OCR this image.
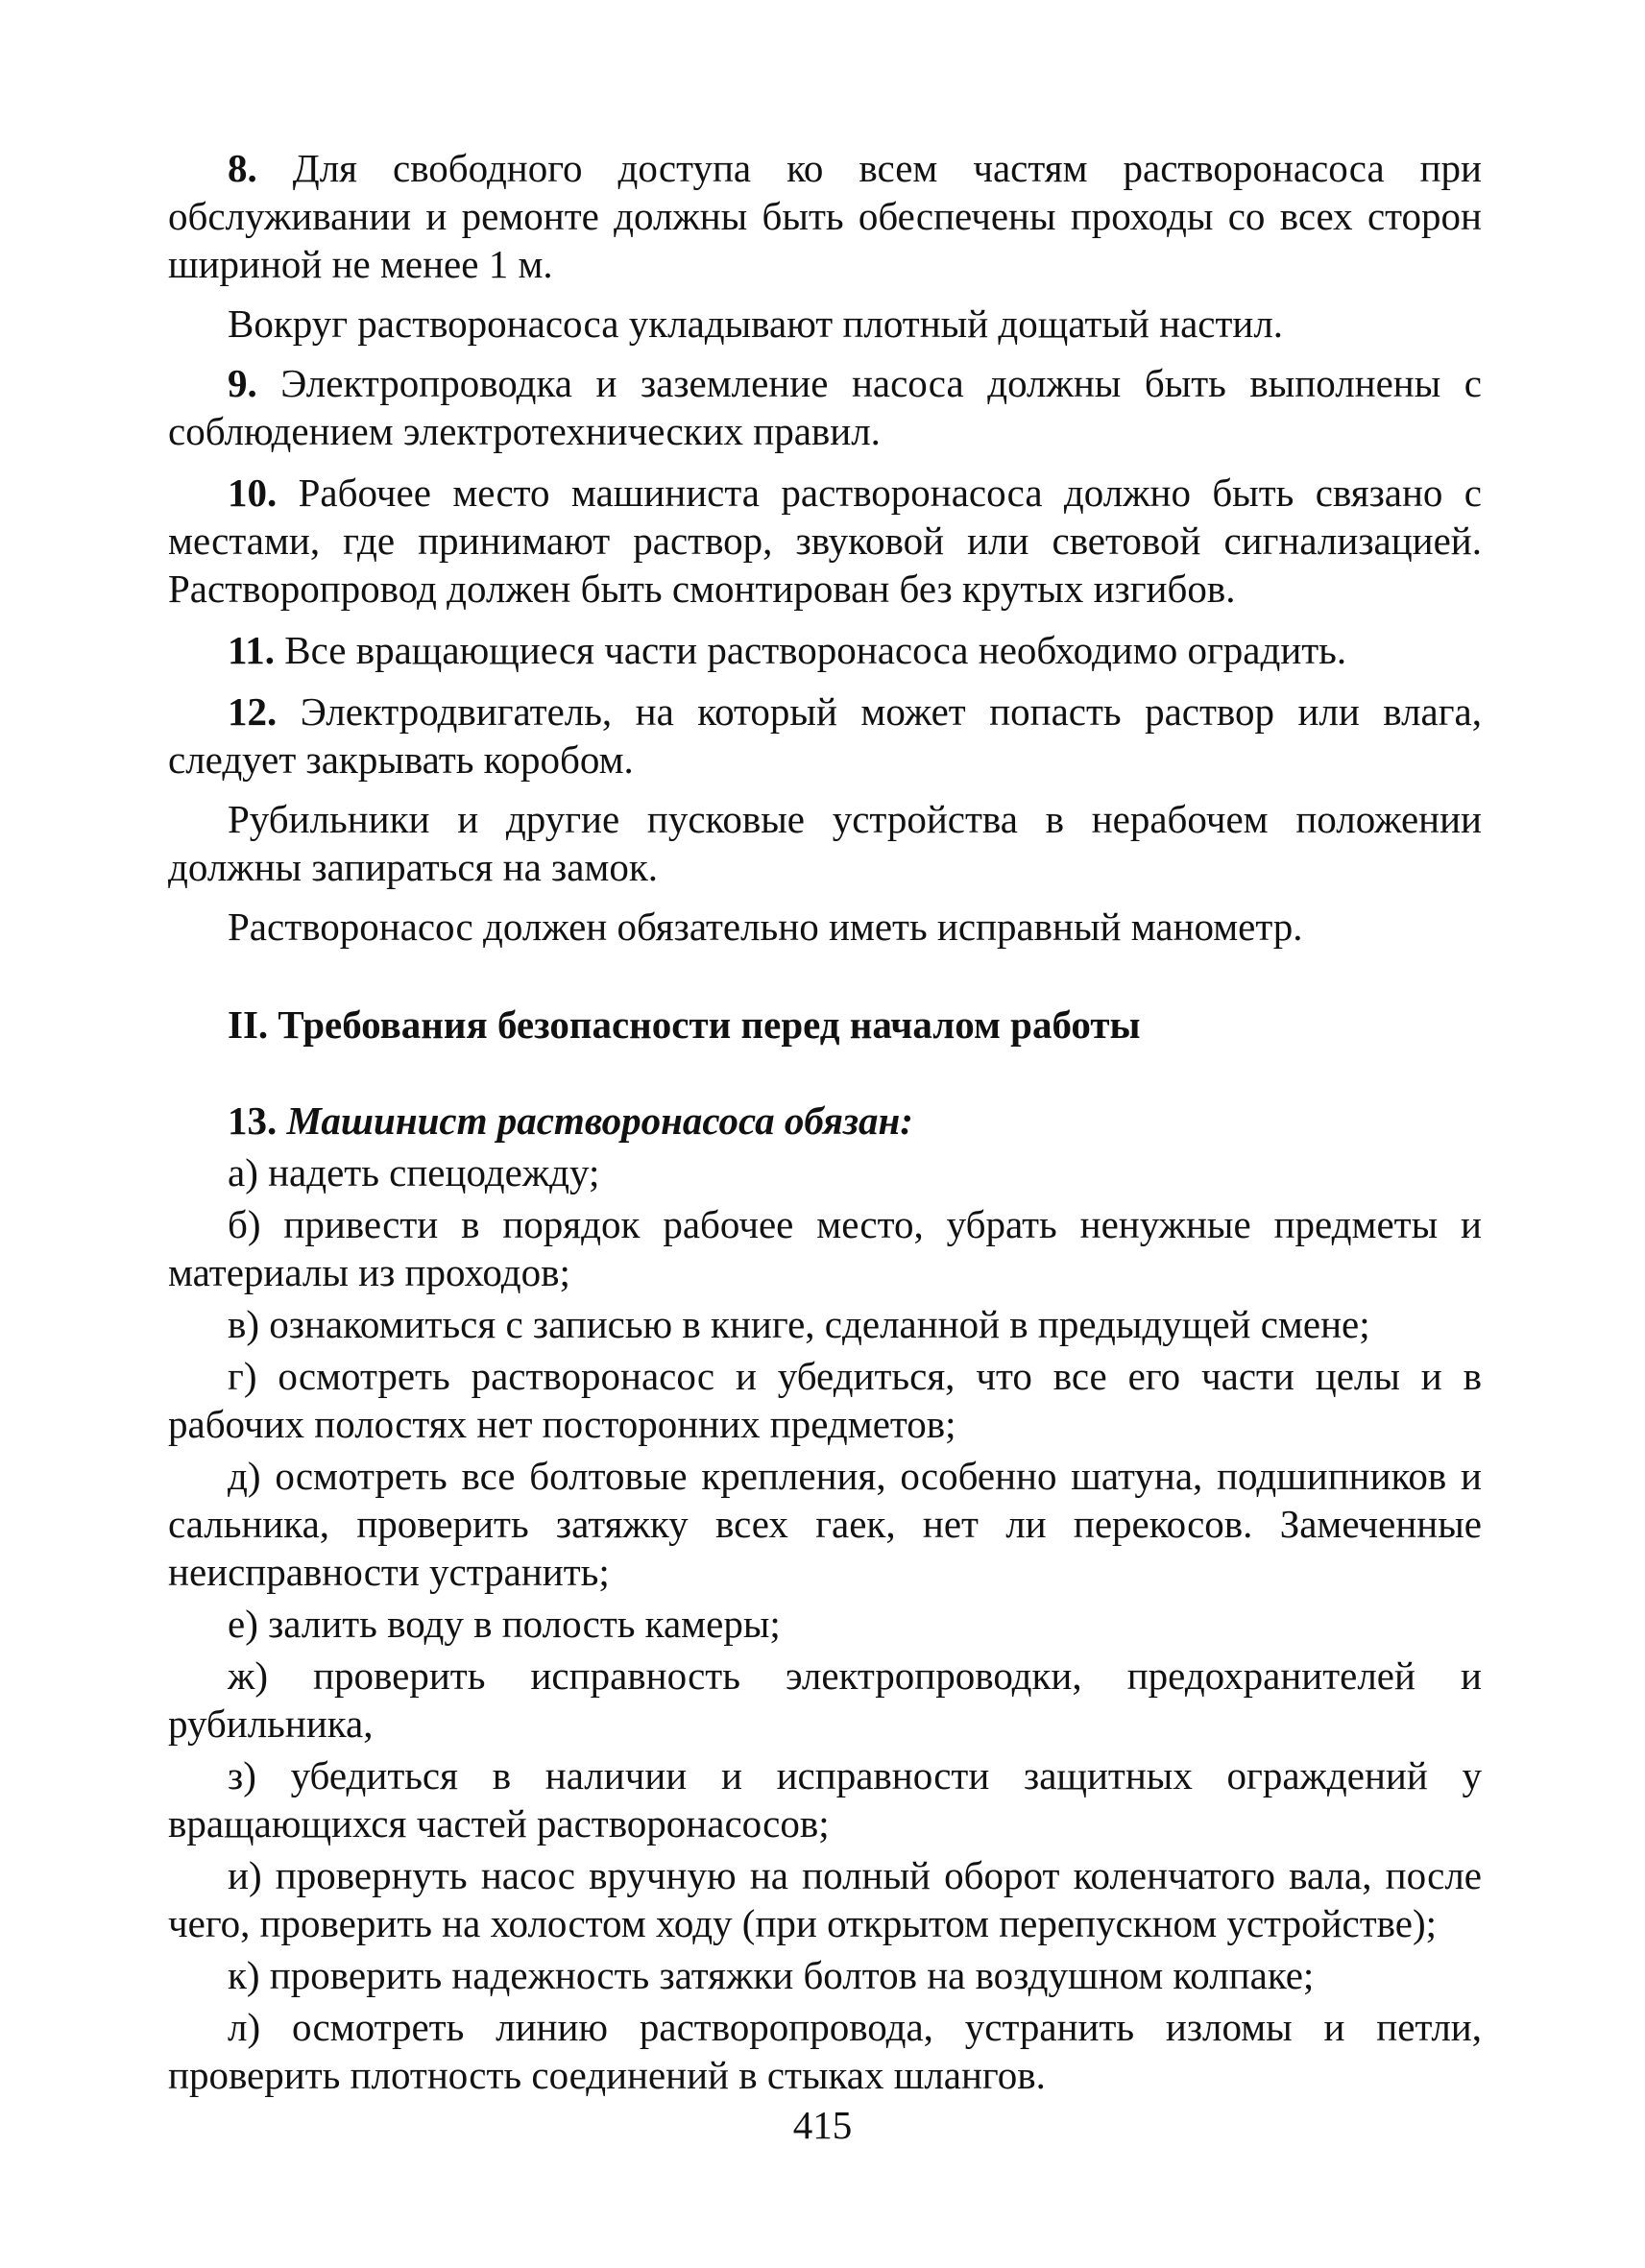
8. Для свободного доступа ко всем частям растворонасоса при обслуживании и ремонте должны быть обеспечены проходы со всех сторон шириной не менее 1 м.

Вокруг растворонасоса укладывают плотный дощатый настил.

9. Электропроводка и заземление насоса должны быть выполнены с соблюдением электротехнических правил.

10. Рабочее место машиниста растворонасоса должно быть связано с местами, где принимают раствор, звуковой или световой сигнализацией. Растворопровод должен быть смонтирован без крутых изгибов.

11. Все вращающиеся части растворонасоса необходимо оградить.

12. Электродвигатель, на который может попасть раствор или влага, следует закрывать коробом.

Рубильники и другие пусковые устройства в нерабочем положении должны запираться на замок.

Растворонасос должен обязательно иметь исправный манометр.

II. Требования безопасности перед началом работы

13. Машинист растворонасоса обязан:

а) надеть спецодежду;

б) привести в порядок рабочее место, убрать ненужные предметы и материалы из проходов;

в) ознакомиться с записью в книге, сделанной в предыдущей смене;

г) осмотреть растворонасос и убедиться, что все его части целы и в рабочих полостях нет посторонних предметов;

д) осмотреть все болтовые крепления, особенно шатуна, подшипников и сальника, проверить затяжку всех гаек, нет ли перекосов. Замеченные неисправности устранить;

е) залить воду в полость камеры;

ж) проверить исправность электропроводки, предохранителей и рубильника,

з) убедиться в наличии и исправности защитных ограждений у вращающихся частей растворонасосов;

и) провернуть насос вручную на полный оборот коленчатого вала, после чего, проверить на холостом ходу (при открытом перепускном устройстве);

к) проверить надежность затяжки болтов на воздушном колпаке;

л) осмотреть линию растворопровода, устранить изломы и петли, проверить плотность соединений в стыках шлангов.

415
